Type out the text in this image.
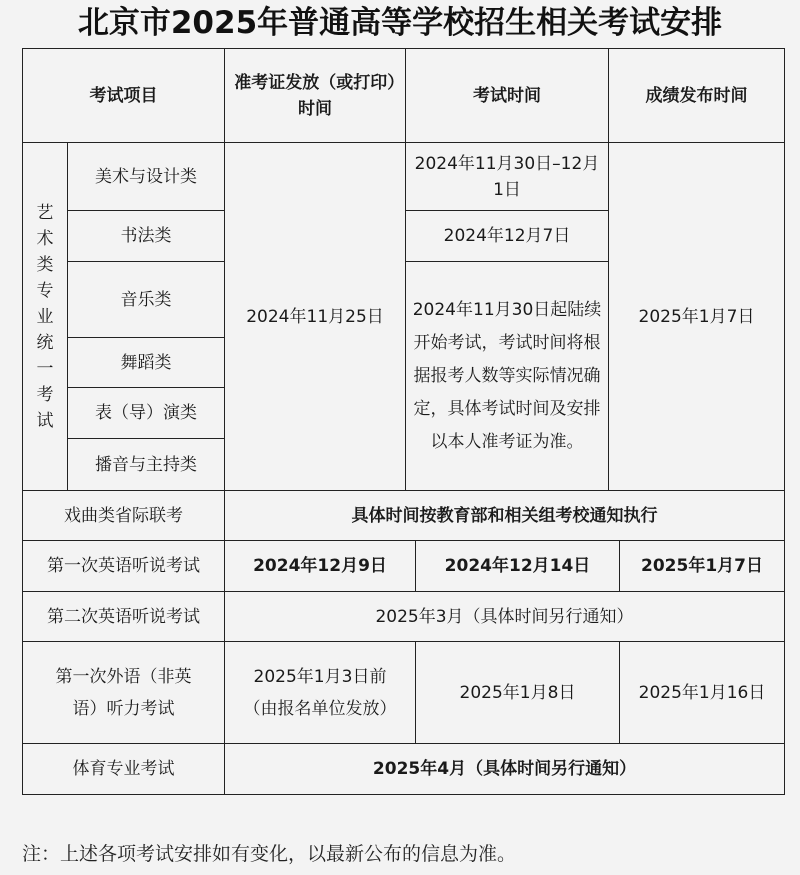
北京市2025年普通高等学校招生相关考试安排
考试项目		准考证发放（或打印）时间	考试时间		成绩发布时间	

艺术类专业统一考试	美术与设计类	2024年11月25日	2024年11月30日–12月1日		2025年1月7日	
	书法类		2024年12月7日			
	音乐类		2024年11月30日起陆续开始考试，考试时间将根据报考人数等实际情况确定，具体考试时间及安排以本人准考证为准。			
	舞蹈类					
	表（导）演类					
	播音与主持类					
戏曲类省际联考		具体时间按教育部和相关组考校通知执行				
第一次英语听说考试		2024年12月9日		2024年12月14日		2025年1月7日
第二次英语听说考试		2025年3月（具体时间另行通知）				
第一次外语（非英语）听力考试		2025年1月3日前（由报名单位发放）		2025年1月8日		2025年1月16日
体育专业考试		2025年4月（具体时间另行通知）				
注：上述各项考试安排如有变化，以最新公布的信息为准。
